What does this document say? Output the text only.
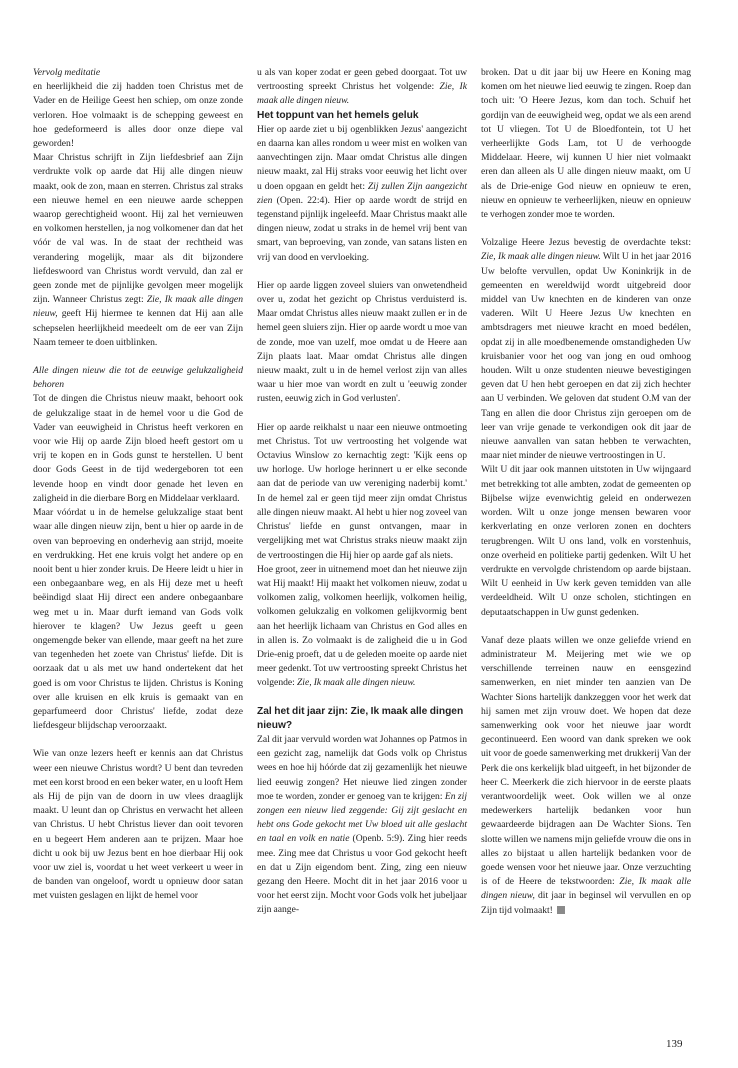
Vervolg meditatie

en heerlijkheid die zij hadden toen Christus met de Vader en de Heilige Geest hen schiep, om onze zonde verloren. Hoe volmaakt is de schepping geweest en hoe gedeformeerd is alles door onze diepe val geworden!

Maar Christus schrijft in Zijn liefdesbrief aan Zijn verdrukte volk op aarde dat Hij alle dingen nieuw maakt, ook de zon, maan en sterren. Christus zal straks een nieuwe hemel en een nieuwe aarde scheppen waarop gerechtigheid woont. Hij zal het vernieuwen en volkomen herstellen, ja nog volkomener dan dat het vóór de val was. In de staat der rechtheid was verandering mogelijk, maar als dit bijzondere liefdeswoord van Christus wordt vervuld, dan zal er geen zonde met de pijnlijke gevolgen meer mogelijk zijn. Wanneer Christus zegt: Zie, Ik maak alle dingen nieuw, geeft Hij hiermee te kennen dat Hij aan alle schepselen heerlijkheid meedeelt om de eer van Zijn Naam temeer te doen uitblinken.

Alle dingen nieuw die tot de eeuwige gelukzaligheid behoren

Tot de dingen die Christus nieuw maakt, behoort ook de gelukzalige staat in de hemel voor u die God de Vader van eeuwigheid in Christus heeft verkoren en voor wie Hij op aarde Zijn bloed heeft gestort om u vrij te kopen en in Gods gunst te herstellen. U bent door Gods Geest in de tijd wedergeboren tot een levende hoop en vindt door genade het leven en zaligheid in die dierbare Borg en Middelaar verklaard.

Maar vóórdat u in de hemelse gelukzalige staat bent waar alle dingen nieuw zijn, bent u hier op aarde in de oven van beproeving en onderhevig aan strijd, moeite en verdrukking. Het ene kruis volgt het andere op en nooit bent u hier zonder kruis. De Heere leidt u hier in een onbegaanbare weg, en als Hij deze met u heeft beëindigd slaat Hij direct een andere onbegaanbare weg met u in. Maar durft iemand van Gods volk hierover te klagen? Uw Jezus geeft u geen ongemengde beker van ellende, maar geeft na het zure van tegenheden het zoete van Christus' liefde. Dit is oorzaak dat u als met uw hand ondertekent dat het goed is om voor Christus te lijden. Christus is Koning over alle kruisen en elk kruis is gemaakt van en geparfumeerd door Christus' liefde, zodat deze liefdesgeur blijdschap veroorzaakt.

Wie van onze lezers heeft er kennis aan dat Christus weer een nieuwe Christus wordt? U bent dan tevreden met een korst brood en een beker water, en u looft Hem als Hij de pijn van de doorn in uw vlees draaglijk maakt. U leunt dan op Christus en verwacht het alleen van Christus. U hebt Christus liever dan ooit tevoren en u begeert Hem anderen aan te prijzen. Maar hoe dicht u ook bij uw Jezus bent en hoe dierbaar Hij ook voor uw ziel is, voordat u het weet verkeert u weer in de banden van ongeloof, wordt u opnieuw door satan met vuisten geslagen en lijkt de hemel voor

u als van koper zodat er geen gebed doorgaat. Tot uw vertroosting spreekt Christus het volgende: Zie, Ik maak alle dingen nieuw.

Het toppunt van het hemels geluk

Hier op aarde ziet u bij ogenblikken Jezus' aangezicht en daarna kan alles rondom u weer mist en wolken van aanvechtingen zijn. Maar omdat Christus alle dingen nieuw maakt, zal Hij straks voor eeuwig het licht over u doen opgaan en geldt het: Zij zullen Zijn aangezicht zien (Open. 22:4). Hier op aarde wordt de strijd en tegenstand pijnlijk ingeleefd. Maar Christus maakt alle dingen nieuw, zodat u straks in de hemel vrij bent van smart, van beproeving, van zonde, van satans listen en vrij van dood en vervloeking.

Hier op aarde liggen zoveel sluiers van onwetendheid over u, zodat het gezicht op Christus verduisterd is. Maar omdat Christus alles nieuw maakt zullen er in de hemel geen sluiers zijn. Hier op aarde wordt u moe van de zonde, moe van uzelf, moe omdat u de Heere aan Zijn plaats laat. Maar omdat Christus alle dingen nieuw maakt, zult u in de hemel verlost zijn van alles waar u hier moe van wordt en zult u 'eeuwig zonder rusten, eeuwig zich in God verlusten'.

Hier op aarde reikhalst u naar een nieuwe ontmoeting met Christus. Tot uw vertroosting het volgende wat Octavius Winslow zo kernachtig zegt: 'Kijk eens op uw horloge. Uw horloge herinnert u er elke seconde aan dat de periode van uw vereniging naderbij komt.' In de hemel zal er geen tijd meer zijn omdat Christus alle dingen nieuw maakt. Al hebt u hier nog zoveel van Christus' liefde en gunst ontvangen, maar in vergelijking met wat Christus straks nieuw maakt zijn de vertroostingen die Hij hier op aarde gaf als niets.

Hoe groot, zeer in uitnemend moet dan het nieuwe zijn wat Hij maakt! Hij maakt het volkomen nieuw, zodat u volkomen zalig, volkomen heerlijk, volkomen heilig, volkomen gelukzalig en volkomen gelijkvormig bent aan het heerlijk lichaam van Christus en God alles en in allen is. Zo volmaakt is de zaligheid die u in God Drie-enig proeft, dat u de geleden moeite op aarde niet meer gedenkt. Tot uw vertroosting spreekt Christus het volgende: Zie, Ik maak alle dingen nieuw.

Zal het dit jaar zijn: Zie, Ik maak alle dingen nieuw?

Zal dit jaar vervuld worden wat Johannes op Patmos in een gezicht zag, namelijk dat Gods volk op Christus wees en hoe hij hóórde dat zij gezamenlijk het nieuwe lied eeuwig zongen? Het nieuwe lied zingen zonder moe te worden, zonder er genoeg van te krijgen: En zij zongen een nieuw lied zeggende: Gij zijt geslacht en hebt ons Gode gekocht met Uw bloed uit alle geslacht en taal en volk en natie (Openb. 5:9). Zing hier reeds mee. Zing mee dat Christus u voor God gekocht heeft en dat u Zijn eigendom bent. Zing, zing een nieuw gezang den Heere. Mocht dit in het jaar 2016 voor u voor het eerst zijn. Mocht voor Gods volk het jubeljaar zijn aange-

broken. Dat u dit jaar bij uw Heere en Koning mag komen om het nieuwe lied eeuwig te zingen. Roep dan toch uit: 'O Heere Jezus, kom dan toch. Schuif het gordijn van de eeuwigheid weg, opdat we als een arend tot U vliegen. Tot U de Bloedfontein, tot U het verheerlijkte Gods Lam, tot U de verhoogde Middelaar. Heere, wij kunnen U hier niet volmaakt eren dan alleen als U alle dingen nieuw maakt, om U als de Drie-enige God nieuw en opnieuw te eren, nieuw en opnieuw te verheerlijken, nieuw en opnieuw te verhogen zonder moe te worden.

Volzalige Heere Jezus bevestig de overdachte tekst: Zie, Ik maak alle dingen nieuw. Wilt U in het jaar 2016 Uw beloftе vervullen, opdat Uw Koninkrijk in de gemeenten en wereldwijd wordt uitgebreid door middel van Uw knechten en de kinderen van onze vaderen. Wilt U Heere Jezus Uw knechten en ambtsdragers met nieuwe kracht en moed bedélen, opdat zij in alle moedbenemende omstandigheden Uw kruisbanier voor het oog van jong en oud omhoog houden. Wilt u onze studenten nieuwe bevestigingen geven dat U hen hebt geroepen en dat zij zich hechter aan U verbinden. We geloven dat student O.M van der Tang en allen die door Christus zijn geroepen om de leer van vrije genade te verkondigen ook dit jaar de nieuwe aanvallen van satan hebben te verwachten, maar niet minder de nieuwe vertroostingen in U.

Wilt U dit jaar ook mannen uitstoten in Uw wijngaard met betrekking tot alle ambten, zodat de gemeenten op Bijbelse wijze evenwichtig geleid en onderwezen worden. Wilt u onze jonge mensen bewaren voor kerkverlating en onze verloren zonen en dochters terugbrengen. Wilt U ons land, volk en vorstenhuis, onze overheid en politieke partij gedenken. Wilt U het verdrukte en vervolgde christendom op aarde bijstaan. Wilt U eenheid in Uw kerk geven temidden van alle verdeeldheid. Wilt U onze scholen, stichtingen en deputaatschappen in Uw gunst gedenken.

Vanaf deze plaats willen we onze geliefde vriend en administrateur M. Meijering met wie we op verschillende terreinen nauw en eensgezind samenwerken, en niet minder ten aanzien van De Wachter Sions hartelijk dankzeggen voor het werk dat hij samen met zijn vrouw doet. We hopen dat deze samenwerking ook voor het nieuwe jaar wordt gecontinueerd. Een woord van dank spreken we ook uit voor de goede samenwerking met drukkerij Van der Perk die ons kerkelijk blad uitgeeft, in het bijzonder de heer C. Meerkerk die zich hiervoor in de eerste plaats verantwoordelijk weet. Ook willen we al onze medewerkers hartelijk bedanken voor hun gewaardeerde bijdragen aan De Wachter Sions. Ten slotte willen we namens mijn geliefde vrouw die ons in alles zo bijstaat u allen hartelijk bedanken voor de goede wensen voor het nieuwe jaar. Onze verzuchting is of de Heere de tekstwoorden: Zie, Ik maak alle dingen nieuw, dit jaar in beginsel wil vervullen en op Zijn tijd volmaakt!

139
